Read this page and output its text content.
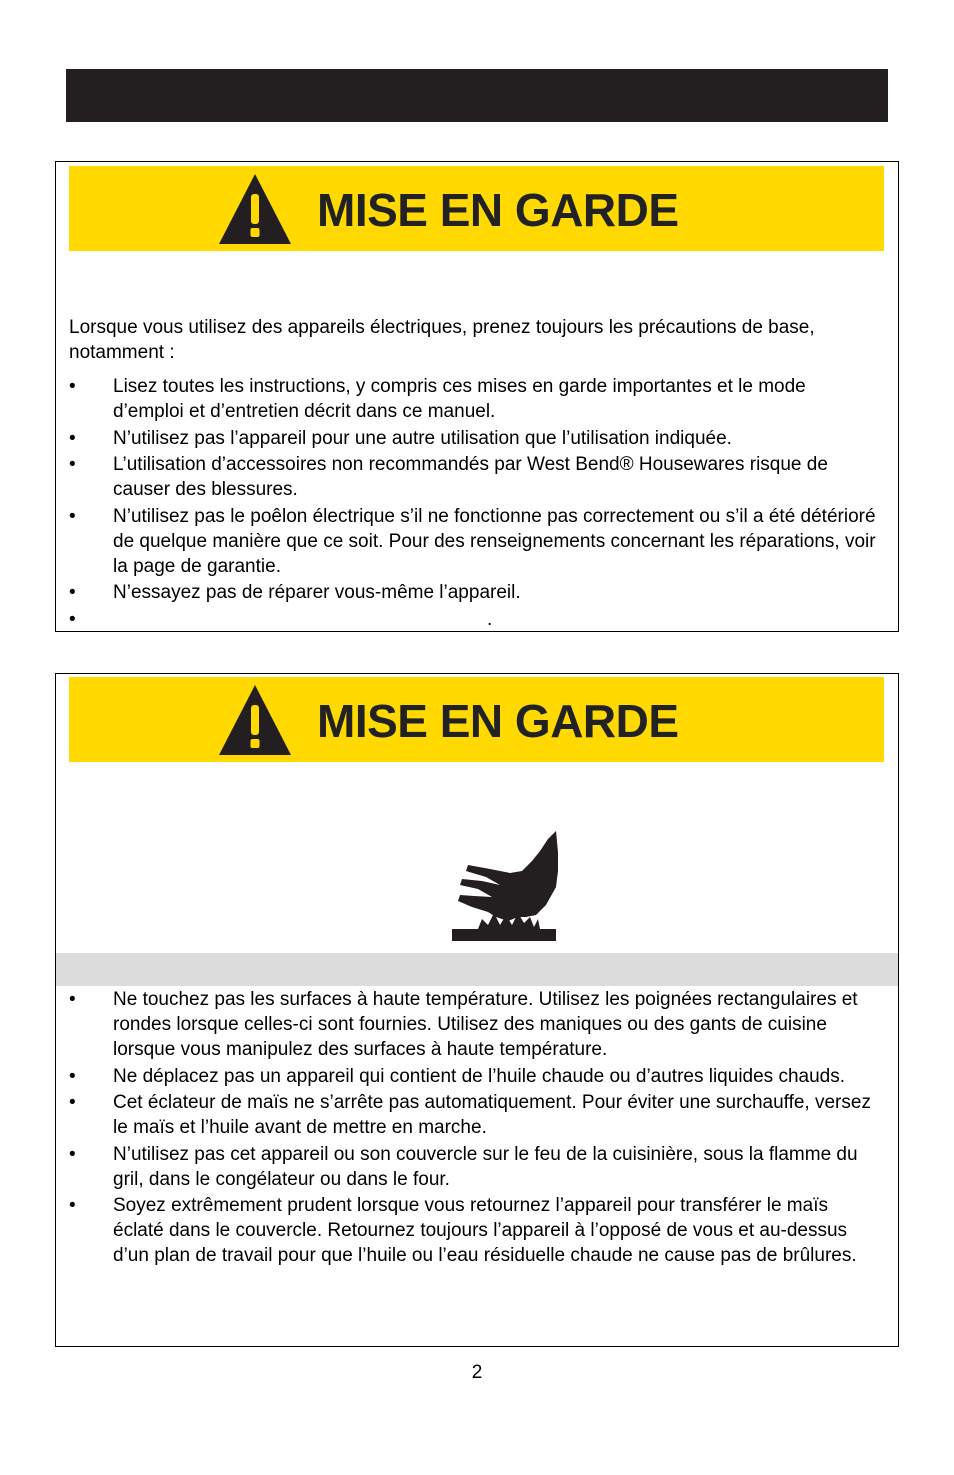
MISE EN GARDE
Lorsque vous utilisez des appareils électriques, prenez toujours les précautions de base, notamment :
•	Lisez toutes les instructions, y compris ces mises en garde importantes et le mode d’emploi et d’entretien décrit dans ce manuel.
•	N’utilisez pas l’appareil pour une autre utilisation que l’utilisation indiquée.
•	L’utilisation d’accessoires non recommandés par West Bend® Housewares risque de causer des blessures.
•	N’utilisez pas le poêlon électrique s’il ne fonctionne pas correctement ou s’il a été détérioré de quelque manière que ce soit. Pour des renseignements concernant les réparations, voir la page de garantie.
•	N’essayez pas de réparer vous-même l’appareil.
•	.
MISE EN GARDE
•	Ne touchez pas les surfaces à haute température. Utilisez les poignées rectangulaires et rondes lorsque celles-ci sont fournies. Utilisez des maniques ou des gants de cuisine lorsque vous manipulez des surfaces à haute température.
•	Ne déplacez pas un appareil qui contient de l’huile chaude ou d’autres liquides chauds.
•	Cet éclateur de maïs ne s’arrête pas automatiquement. Pour éviter une surchauffe, versez le maïs et l’huile avant de mettre en marche.
•	N’utilisez pas cet appareil ou son couvercle sur le feu de la cuisinière, sous la flamme du gril, dans le congélateur ou dans le four.
•	Soyez extrêmement prudent lorsque vous retournez l’appareil pour transférer le maïs éclaté dans le couvercle. Retournez toujours l’appareil à l’opposé de vous et au-dessus d’un plan de travail pour que l’huile ou l’eau résiduelle chaude ne cause pas de brûlures.
2
